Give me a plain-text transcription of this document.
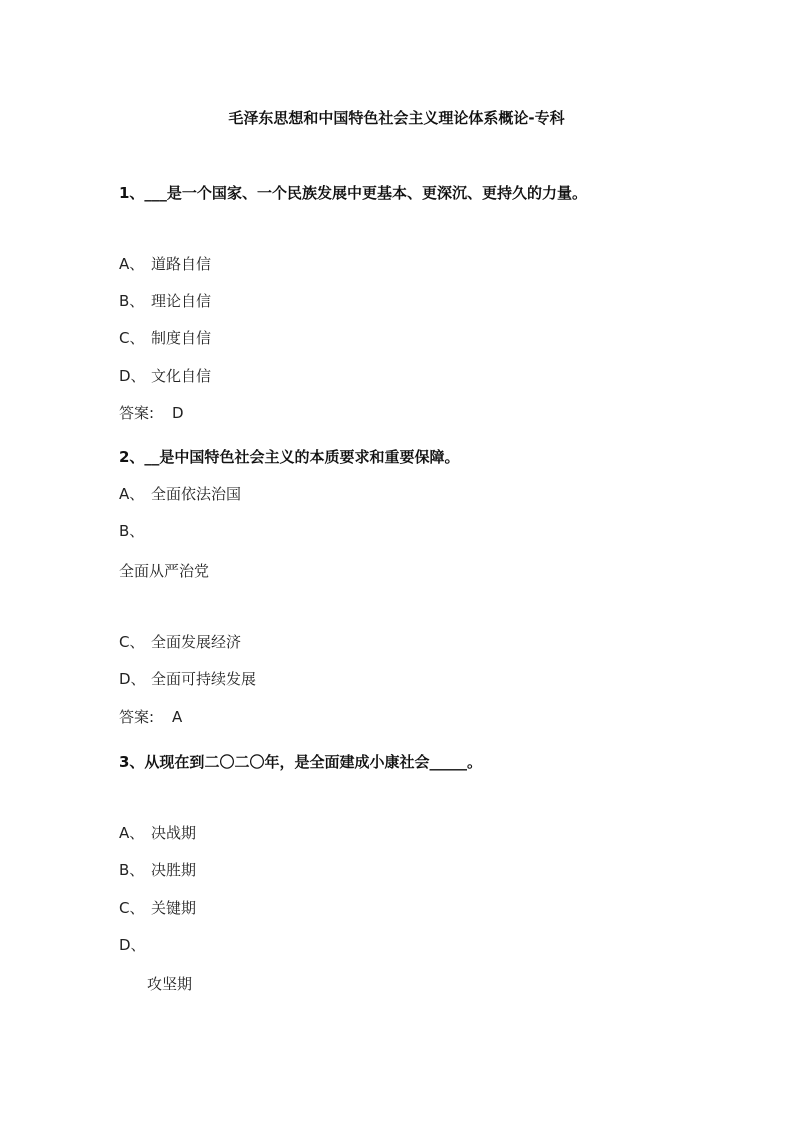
毛泽东思想和中国特色社会主义理论体系概论-专科
1、___是一个国家、一个民族发展中更基本、更深沉、更持久的力量。
A、 道路自信
B、 理论自信
C、 制度自信
D、 文化自信
答案: D
2、__是中国特色社会主义的本质要求和重要保障。
A、 全面依法治国
B、
全面从严治党
C、 全面发展经济
D、 全面可持续发展
答案: A
3、从现在到二〇二〇年，是全面建成小康社会_____。
A、 决战期
B、 决胜期
C、 关键期
D、
攻坚期
